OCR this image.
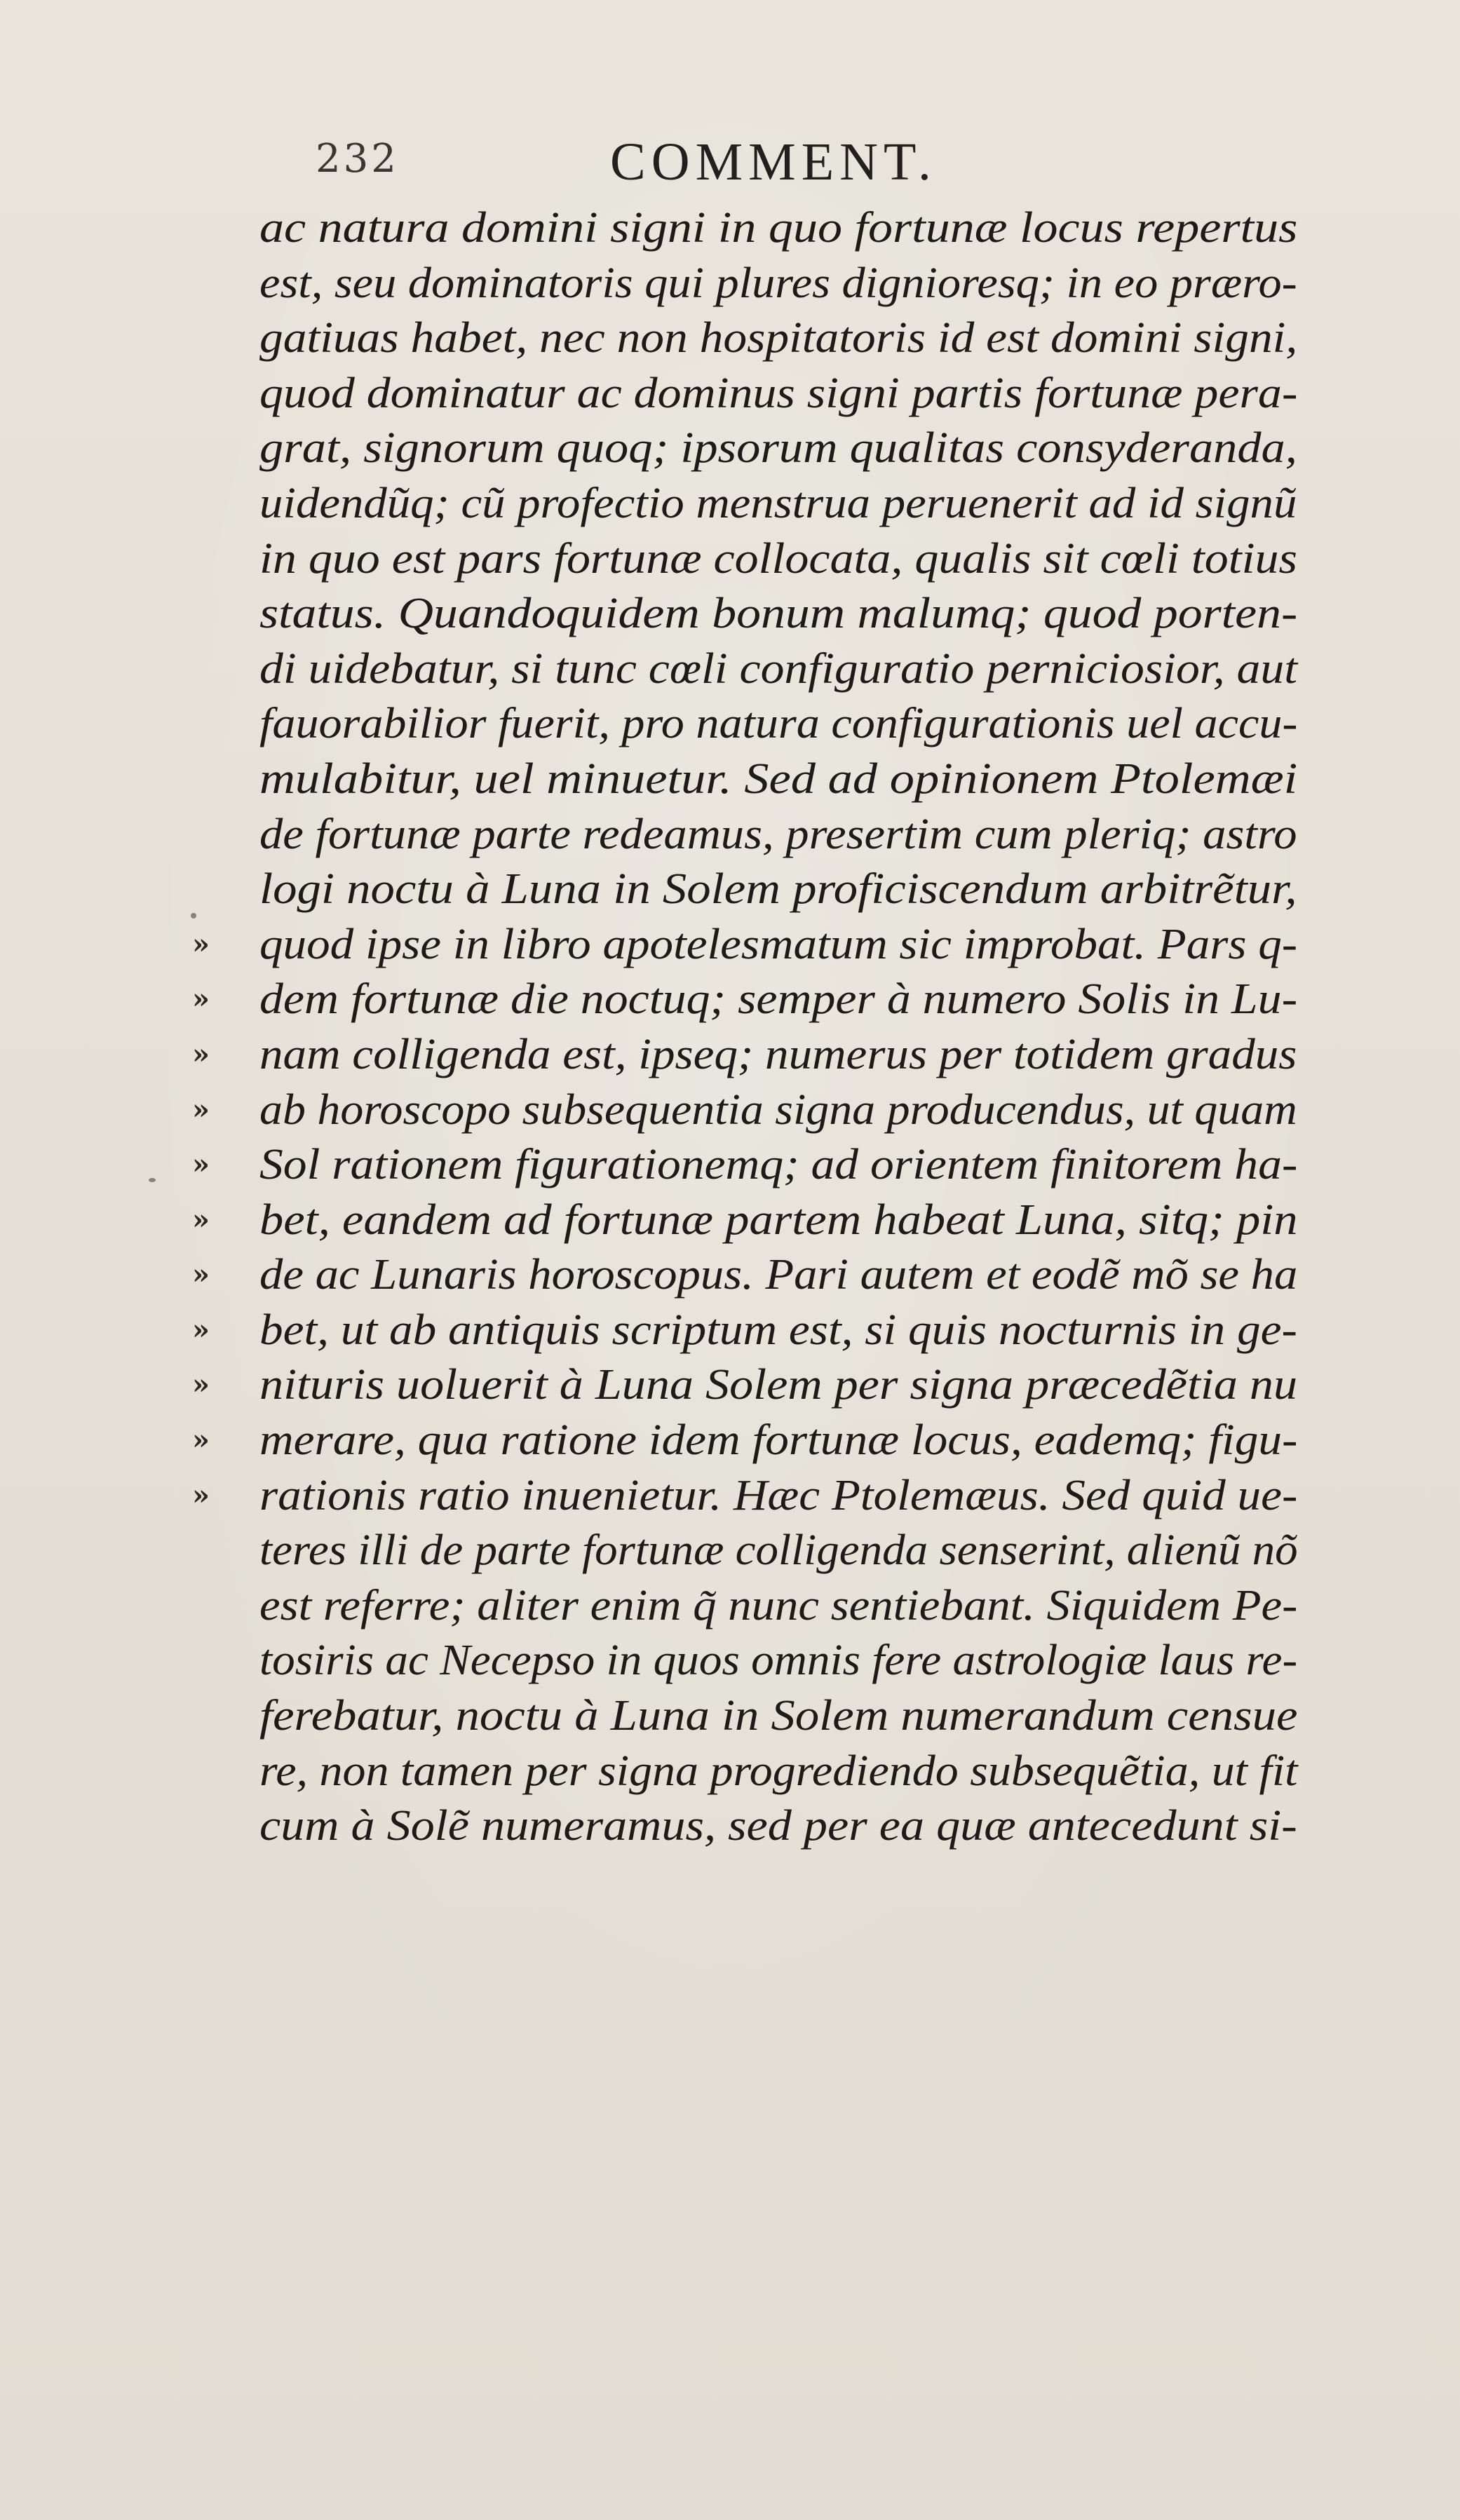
232	COMMENT.
ac natura domini signi in quo fortunæ locus repertus
est, seu dominatoris qui plures dignioresq; in eo præro-
gatiuas habet, nec non hospitatoris id est domini signi,
quod dominatur ac dominus signi partis fortunæ pera-
grat, signorum quoq; ipsorum qualitas consyderanda,
uidendũq; cũ profectio menstrua peruenerit ad id signũ
in quo est pars fortunæ collocata, qualis sit cœli totius
status. Quandoquidem bonum malumq; quod porten-
di uidebatur, si tunc cœli configuratio perniciosior, aut
fauorabilior fuerit, pro natura configurationis uel accu-
mulabitur, uel minuetur. Sed ad opinionem Ptolemæi
de fortunæ parte redeamus, presertim cum pleriq; astro
logi noctu à Luna in Solem proficiscendum arbitrẽtur,
» quod ipse in libro apotelesmatum sic improbat. Pars q-
» dem fortunæ die noctuq; semper à numero Solis in Lu-
» nam colligenda est, ipseq; numerus per totidem gradus
» ab horoscopo subsequentia signa producendus, ut quam
» Sol rationem figurationemq; ad orientem finitorem ha-
» bet, eandem ad fortunæ partem habeat Luna, sitq; pin
» de ac Lunaris horoscopus. Pari autem et eodẽ mõ se ha
» bet, ut ab antiquis scriptum est, si quis nocturnis in ge-
» nituris uoluerit à Luna Solem per signa præcedẽtia nu
» merare, qua ratione idem fortunæ locus, eademq; figu-
» rationis ratio inuenietur. Hæc Ptolemæus. Sed quid ue-
teres illi de parte fortunæ colligenda senserint, alienũ nõ
est referre; aliter enim q̃ nunc sentiebant. Siquidem Pe-
tosiris ac Necepso in quos omnis fere astrologiæ laus re-
ferebatur, noctu à Luna in Solem numerandum censue
re, non tamen per signa progrediendo subsequẽtia, ut fit
cum à Solẽ numeramus, sed per ea quæ antecedunt si-
